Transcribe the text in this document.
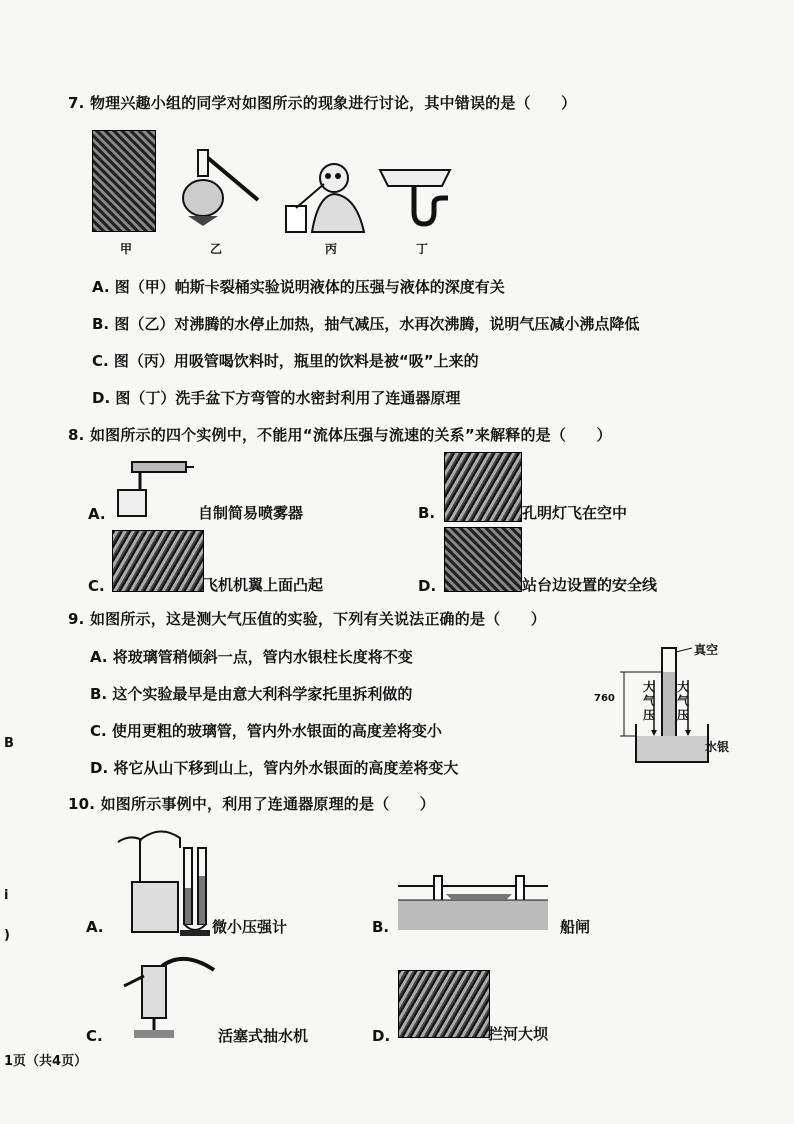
7. 物理兴趣小组的同学对如图所示的现象进行讨论，其中错误的是（　　）
甲	乙	丙	丁
A. 图（甲）帕斯卡裂桶实验说明液体的压强与液体的深度有关
B. 图（乙）对沸腾的水停止加热，抽气减压，水再次沸腾，说明气压减小沸点降低
C. 图（丙）用吸管喝饮料时，瓶里的饮料是被“吸”上来的
D. 图（丁）洗手盆下方弯管的水密封利用了连通器原理
8. 如图所示的四个实例中，不能用“流体压强与流速的关系”来解释的是（　　）
A.	自制简易喷雾器	B.	孔明灯飞在空中
C.	飞机机翼上面凸起	D.	站台边设置的安全线
9. 如图所示，这是测大气压值的实验，下列有关说法正确的是（　　）
A. 将玻璃管稍倾斜一点，管内水银柱长度将不变
B. 这个实验最早是由意大利科学家托里拆利做的
C. 使用更粗的玻璃管，管内外水银面的高度差将变小
D. 将它从山下移到山上，管内外水银面的高度差将变大
真空
760
大
气
压
大
气
压
水银
10. 如图所示事例中，利用了连通器原理的是（　　）
A.	微小压强计	B.	船闸
C.	活塞式抽水机	D.	拦河大坝
B
i
)
1页（共4页）
